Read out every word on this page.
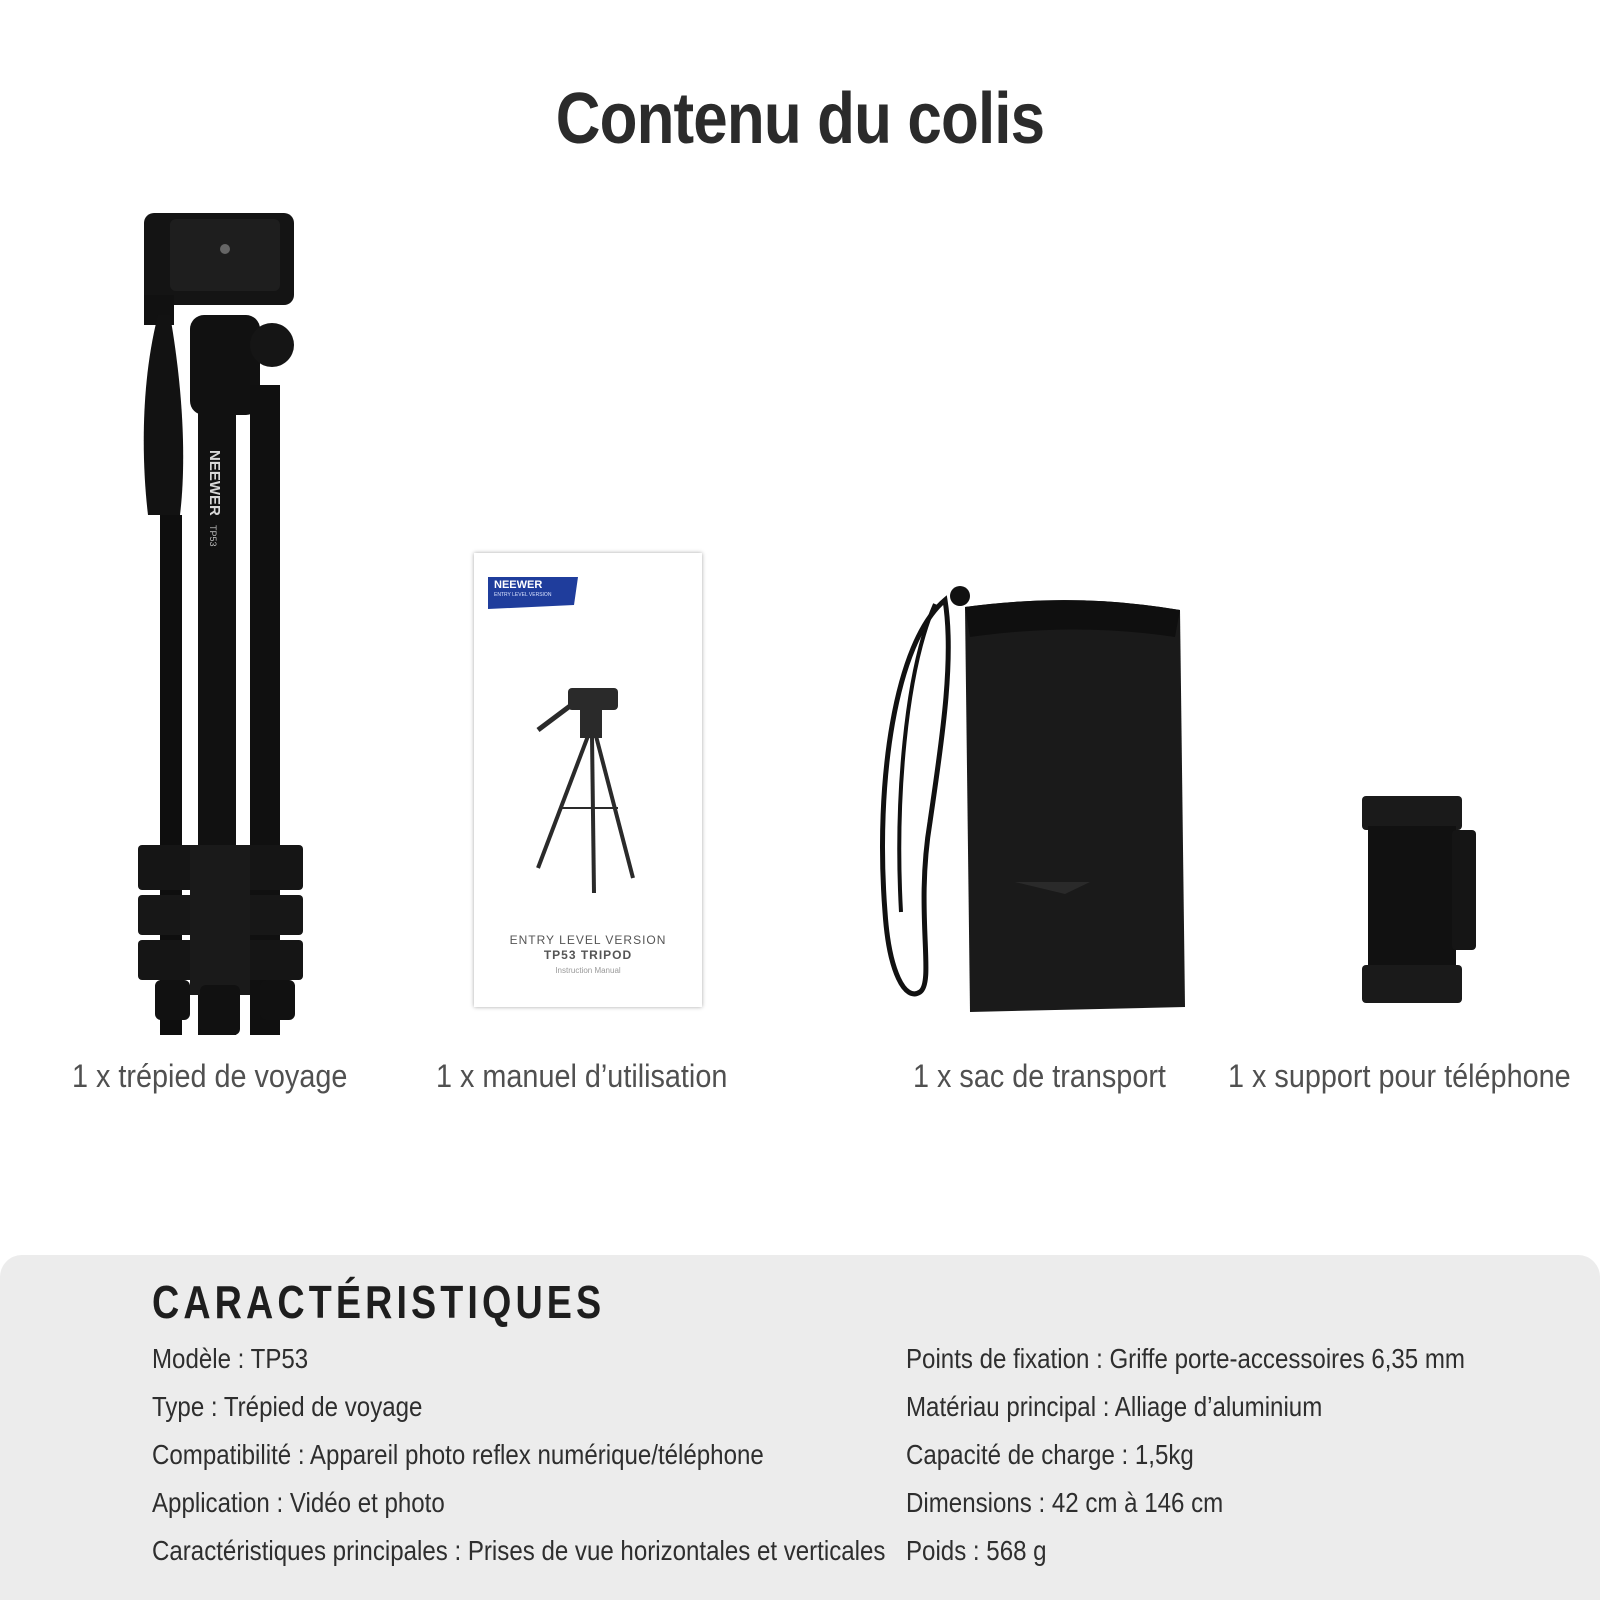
Contenu du colis
NEEWER
TP53
NEEWER
ENTRY LEVEL VERSION
ENTRY LEVEL VERSION
TP53 TRIPOD
Instruction Manual
1 x trépied de voyage	1 x manuel d’utilisation	1 x sac de transport 1 x support pour téléphone
CARACTÉRISTIQUES
Modèle : TP53
Type : Trépied de voyage
Compatibilité : Appareil photo reflex numérique/téléphone
Application : Vidéo et photo
Caractéristiques principales : Prises de vue horizontales et verticales
Points de fixation : Griffe porte-accessoires 6,35 mm
Matériau principal : Alliage d’aluminium
Capacité de charge : 1,5kg
Dimensions : 42 cm à 146 cm
Poids : 568 g
